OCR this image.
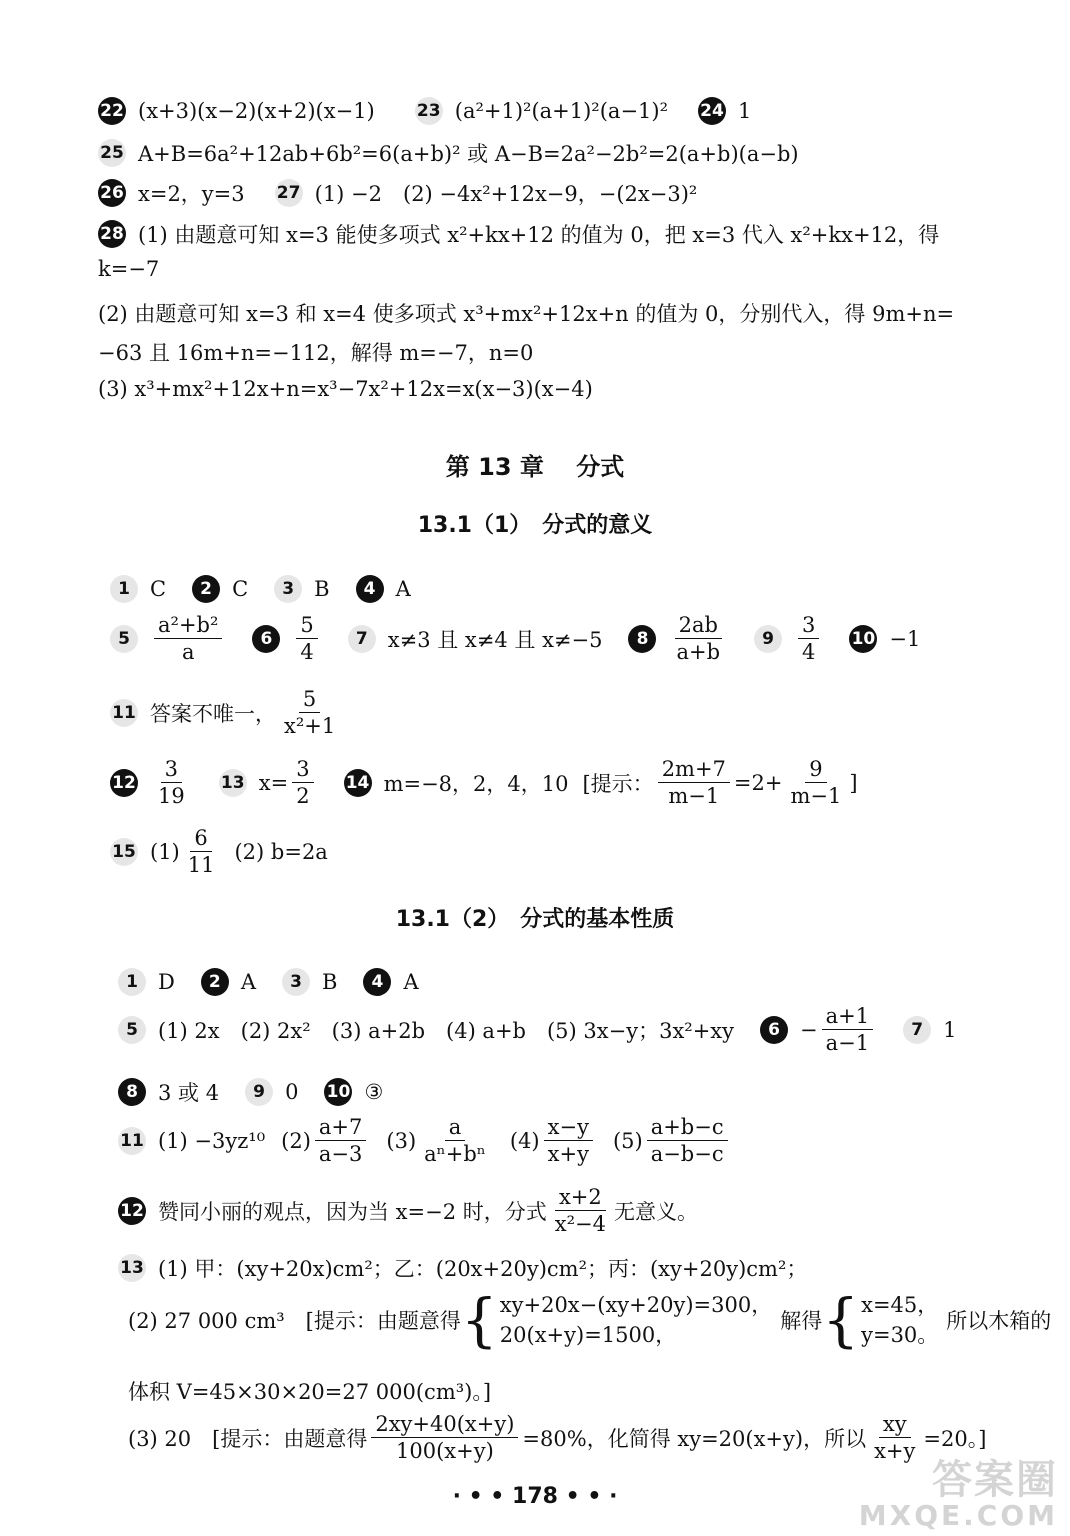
22 (x+3)(x−2)(x+2)(x−1) 23 (a²+1)²(a+1)²(a−1)² 24 1
25 A+B=6a²+12ab+6b²=6(a+b)² 或 A−B=2a²−2b²=2(a+b)(a−b)
26 x=2，y=3 27 (1) −2　(2) −4x²+12x−9，−(2x−3)²
28 (1) 由题意可知 x=3 能使多项式 x²+kx+12 的值为 0，把 x=3 代入 x²+kx+12，得
k=−7
(2) 由题意可知 x=3 和 x=4 使多项式 x³+mx²+12x+n 的值为 0，分别代入，得 9m+n=
−63 且 16m+n=−112，解得 m=−7，n=0
(3) x³+mx²+12x+n=x³−7x²+12x=x(x−3)(x−4)
第 13 章　 分式
13.1（1）　分式的意义
1 C	2 C	3 B	4 A
5	$\frac{\text{a²+b²}}{a}$	6	$\frac{5}{4}$	7 x≠3 且 x≠4 且 x≠−5	8	$\frac{2ab}{a+b}$	9	$\frac{3}{4} 10 -1$
11 答案不唯一， $\frac{5}{\text{x²+1}}$
$12 \frac{3}{19} 13$ $x= \frac{3}{2} 14$ m=−8，2，4，10 [提示： $\frac{2m+7}{m-1} =2+ \frac{9}{m-1}$ ]
15 $(1) \frac{6}{11} (2)$ b=2a
13.1（2）　分式的基本性质
1 D	2 A	3 B	4 A
5 (1) 2x　(2) 2x²　(3) a+2b　(4) a+b　(5) 3x−y；3x²+xy	$6 - \frac{a+1}{a-1}$	7 1
8 3 或 4	9 0 10 ③
11 (1) −3yz¹⁰ $(2) \frac{a+7}{a-3} (3) \frac{a}{\text{aⁿ+bⁿ}} (4) \frac{x-y}{x+y} (5) \frac{a+b-c}{a-b-c}$
12 赞同小丽的观点，因为当 x=−2 时，分式 $\frac{x+2}{\text{x²−4}}$ 无意义。
13 (1) 甲：(xy+20x)cm²；乙：(20x+20y)cm²；丙：(xy+20y)cm²；
(2) 27 000 cm³　[提示：由题意得 { xy+20x−(xy+20y)=300，
20(x+y)=1500，
解得 { x=45，
y=30。
所以木箱的
体积 V=45×30×20=27 000(cm³)。]
(3) 20　[提示：由题意得 $\frac{2xy+40(x+y)}{100(x+y)} =80\%$，化简得 xy=20(x+y)，所以 $\frac{xy}{x+y} =20$。]
· • • 178 • • ·	答案圈
MXQE.COM
